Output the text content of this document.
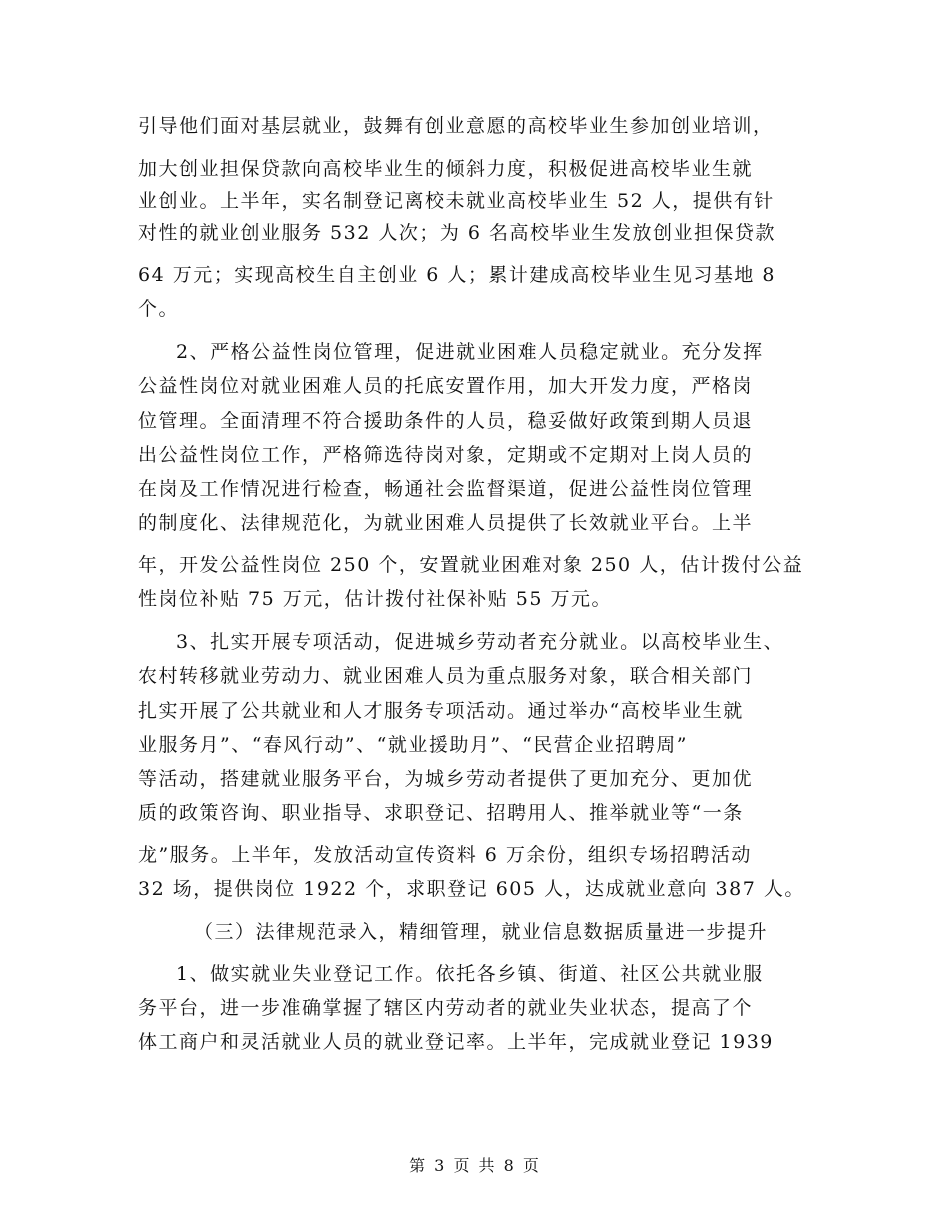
引导他们面对基层就业，鼓舞有创业意愿的高校毕业生参加创业培训，
加大创业担保贷款向高校毕业生的倾斜力度，积极促进高校毕业生就
业创业。上半年，实名制登记离校未就业高校毕业生 52 人，提供有针
对性的就业创业服务 532 人次；为 6 名高校毕业生发放创业担保贷款
64 万元；实现高校生自主创业 6 人；累计建成高校毕业生见习基地 8
个。
2、严格公益性岗位管理，促进就业困难人员稳定就业。充分发挥
公益性岗位对就业困难人员的托底安置作用，加大开发力度，严格岗
位管理。全面清理不符合援助条件的人员，稳妥做好政策到期人员退
出公益性岗位工作，严格筛选待岗对象，定期或不定期对上岗人员的
在岗及工作情况进行检查，畅通社会监督渠道，促进公益性岗位管理
的制度化、法律规范化，为就业困难人员提供了长效就业平台。上半
年，开发公益性岗位 250 个，安置就业困难对象 250 人，估计拨付公益
性岗位补贴 75 万元，估计拨付社保补贴 55 万元。
3、扎实开展专项活动，促进城乡劳动者充分就业。以高校毕业生、
农村转移就业劳动力、就业困难人员为重点服务对象，联合相关部门
扎实开展了公共就业和人才服务专项活动。通过举办“高校毕业生就
业服务月”、“春风行动”、“就业援助月”、“民营企业招聘周”
等活动，搭建就业服务平台，为城乡劳动者提供了更加充分、更加优
质的政策咨询、职业指导、求职登记、招聘用人、推举就业等“一条
龙”服务。上半年，发放活动宣传资料 6 万余份，组织专场招聘活动
32 场，提供岗位 1922 个，求职登记 605 人，达成就业意向 387 人。
（三）法律规范录入，精细管理，就业信息数据质量进一步提升
1、做实就业失业登记工作。依托各乡镇、街道、社区公共就业服
务平台，进一步准确掌握了辖区内劳动者的就业失业状态，提高了个
体工商户和灵活就业人员的就业登记率。上半年，完成就业登记 1939
第 3 页 共 8 页
